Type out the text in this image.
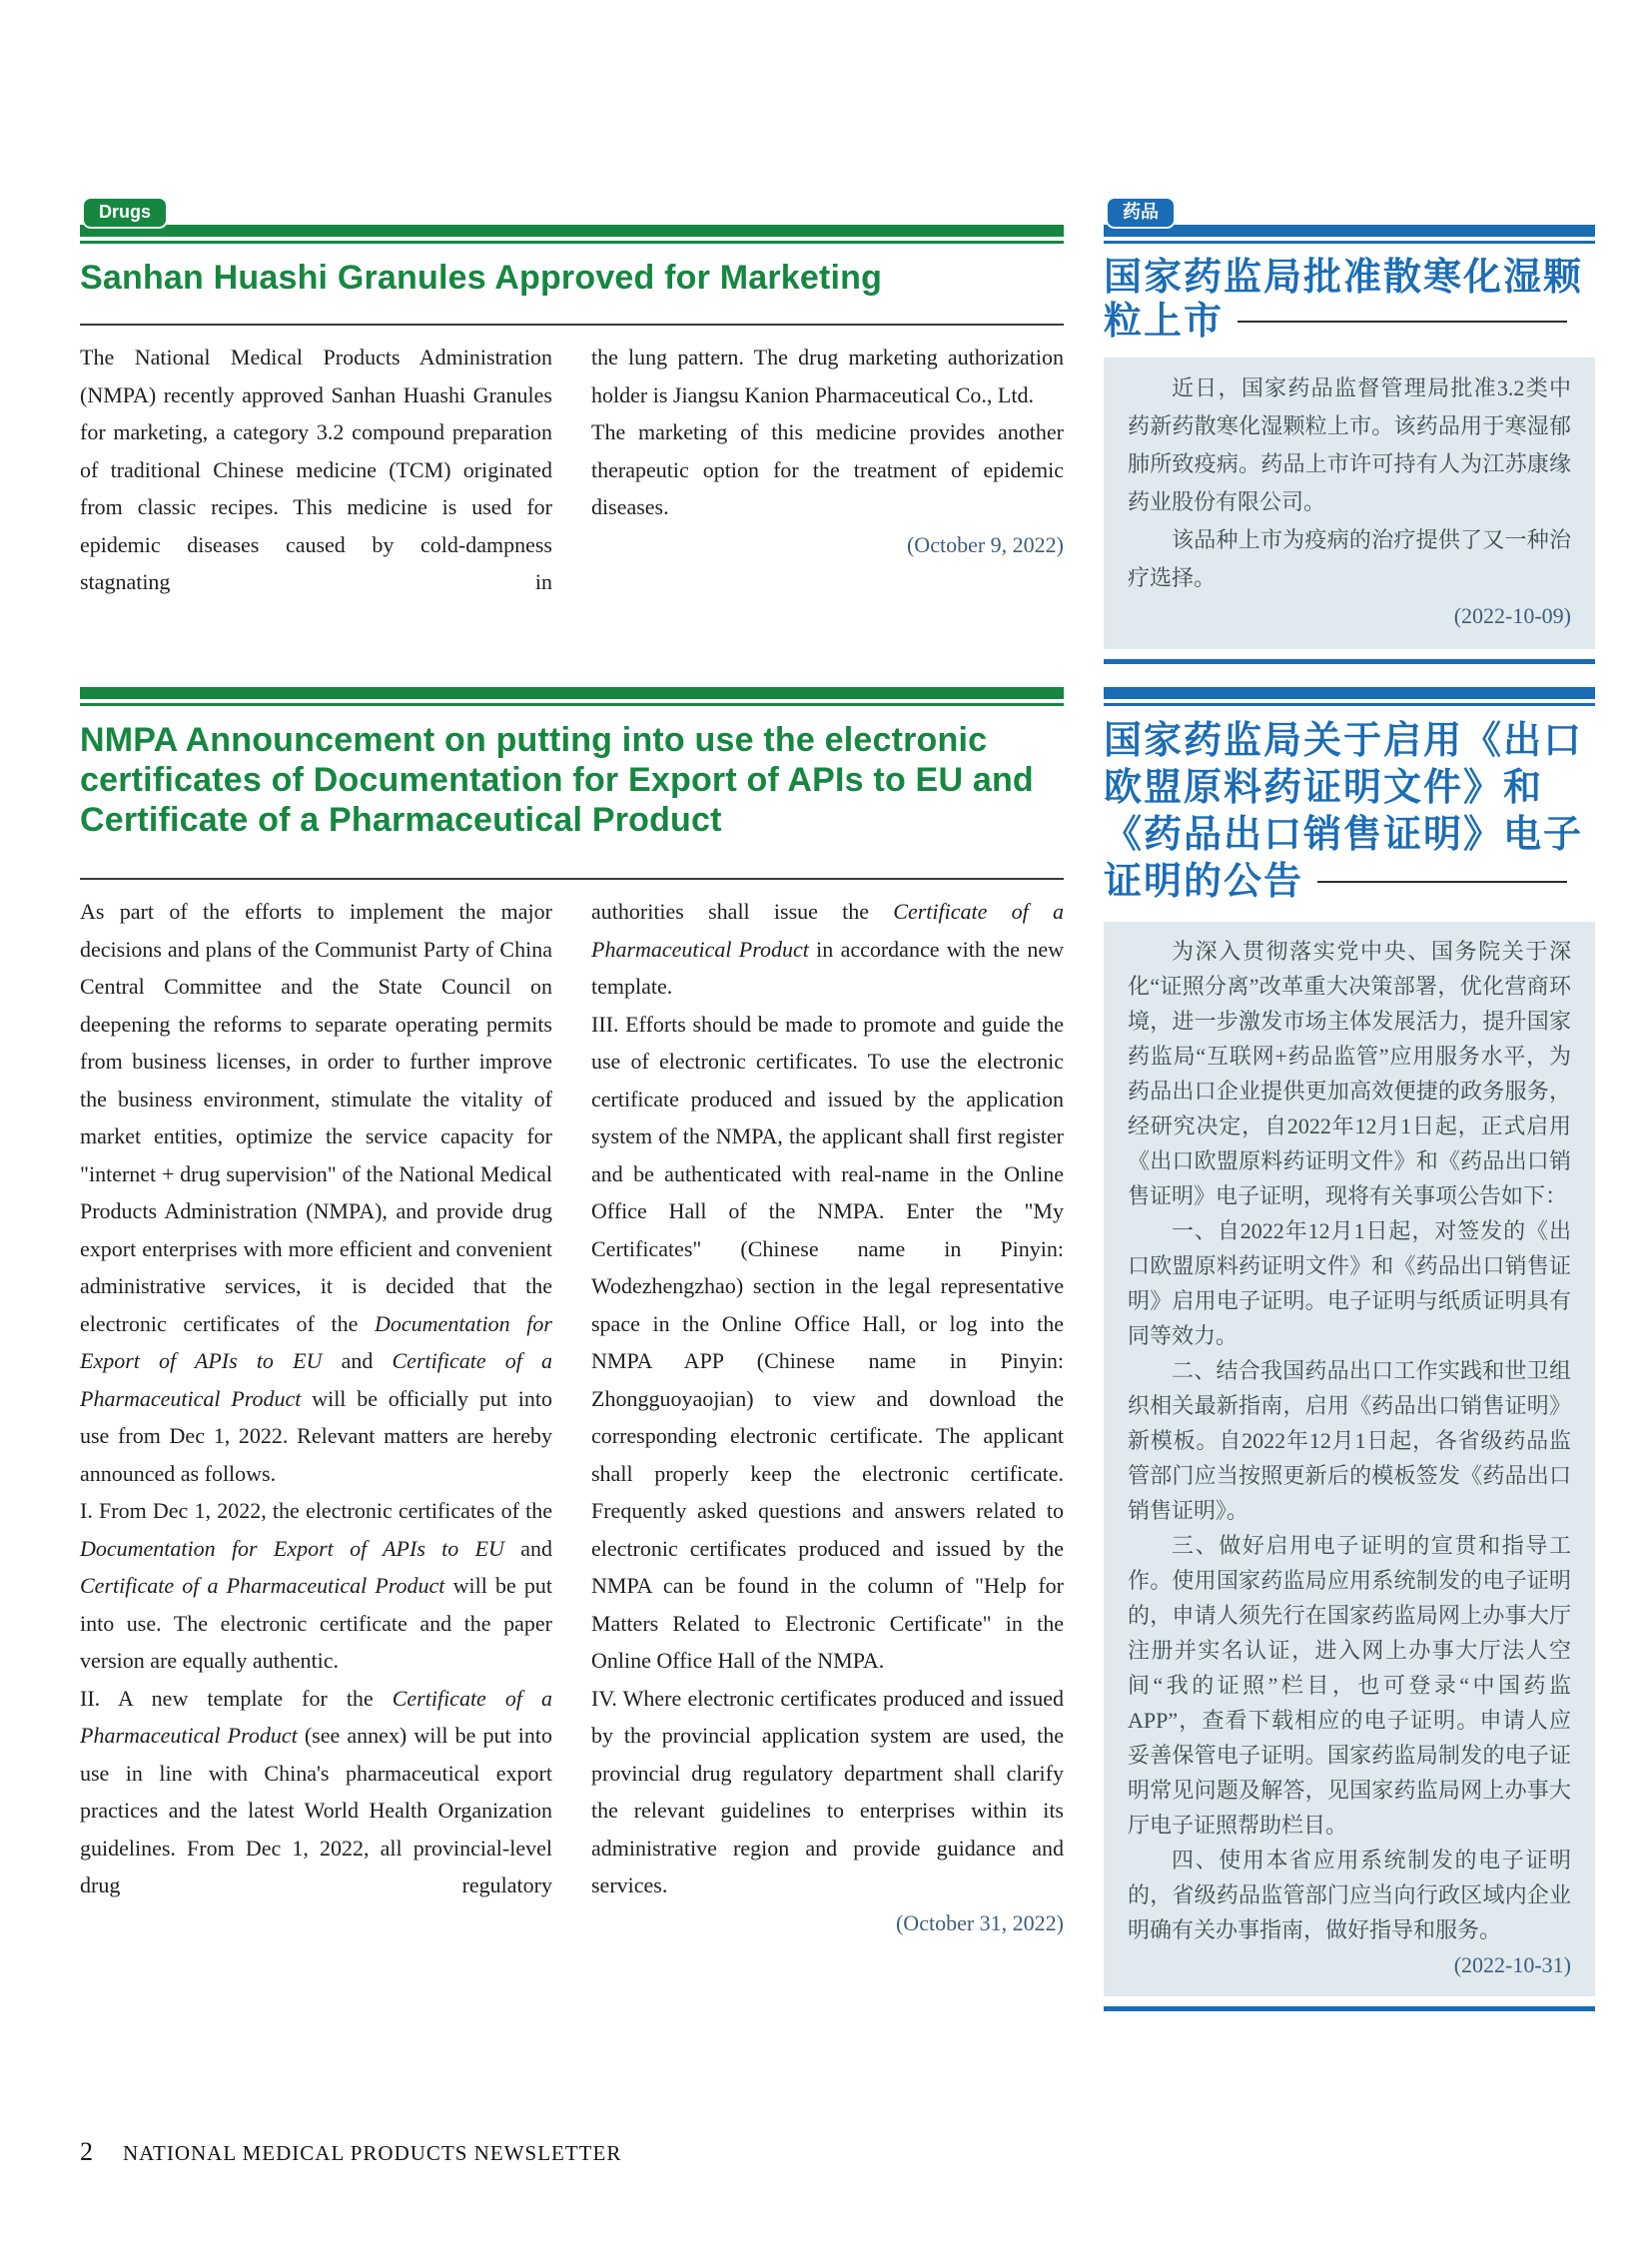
Drugs
Sanhan Huashi Granules Approved for Marketing

The National Medical Products Administration (NMPA) recently approved Sanhan Huashi Granules for marketing, a category 3.2 compound preparation of traditional Chinese medicine (TCM) originated from classic recipes. This medicine is used for epidemic diseases caused by cold-dampness stagnating in

the lung pattern. The drug marketing authorization holder is Jiangsu Kanion Pharmaceutical Co., Ltd.

The marketing of this medicine provides another therapeutic option for the treatment of epidemic diseases.

(October 9, 2022)

NMPA Announcement on putting into use the electronic certificates of Documentation for Export of APIs to EU and Certificate of a Pharmaceutical Product

As part of the efforts to implement the major decisions and plans of the Communist Party of China Central Committee and the State Council on deepening the reforms to separate operating permits from business licenses, in order to further improve the business environment, stimulate the vitality of market entities, optimize the service capacity for "internet + drug supervision" of the National Medical Products Administration (NMPA), and provide drug export enterprises with more efficient and convenient administrative services, it is decided that the electronic certificates of the Documentation for Export of APIs to EU and Certificate of a Pharmaceutical Product will be officially put into use from Dec 1, 2022. Relevant matters are hereby announced as follows.

I. From Dec 1, 2022, the electronic certificates of the Documentation for Export of APIs to EU and Certificate of a Pharmaceutical Product will be put into use. The electronic certificate and the paper version are equally authentic.

II. A new template for the Certificate of a Pharmaceutical Product (see annex) will be put into use in line with China's pharmaceutical export practices and the latest World Health Organization guidelines. From Dec 1, 2022, all provincial-level drug regulatory

authorities shall issue the Certificate of a Pharmaceutical Product in accordance with the new template.

III. Efforts should be made to promote and guide the use of electronic certificates. To use the electronic certificate produced and issued by the application system of the NMPA, the applicant shall first register and be authenticated with real-name in the Online Office Hall of the NMPA. Enter the "My Certificates" (Chinese name in Pinyin: Wodezhengzhao) section in the legal representative space in the Online Office Hall, or log into the NMPA APP (Chinese name in Pinyin: Zhongguoyaojian) to view and download the corresponding electronic certificate. The applicant shall properly keep the electronic certificate. Frequently asked questions and answers related to electronic certificates produced and issued by the NMPA can be found in the column of "Help for Matters Related to Electronic Certificate" in the Online Office Hall of the NMPA.

IV. Where electronic certificates produced and issued by the provincial application system are used, the provincial drug regulatory department shall clarify the relevant guidelines to enterprises within its administrative region and provide guidance and services.

(October 31, 2022)

药品
国家药监局批准散寒化湿颗粒上市

近日，国家药品监督管理局批准3.2类中药新药散寒化湿颗粒上市。该药品用于寒湿郁肺所致疫病。药品上市许可持有人为江苏康缘药业股份有限公司。

该品种上市为疫病的治疗提供了又一种治疗选择。

(2022-10-09)

国家药监局关于启用《出口欧盟原料药证明文件》和《药品出口销售证明》电子证明的公告

为深入贯彻落实党中央、国务院关于深化“证照分离”改革重大决策部署，优化营商环境，进一步激发市场主体发展活力，提升国家药监局“互联网+药品监管”应用服务水平，为药品出口企业提供更加高效便捷的政务服务，经研究决定，自2022年12月1日起，正式启用《出口欧盟原料药证明文件》和《药品出口销售证明》电子证明，现将有关事项公告如下：

一、自2022年12月1日起，对签发的《出口欧盟原料药证明文件》和《药品出口销售证明》启用电子证明。电子证明与纸质证明具有同等效力。

二、结合我国药品出口工作实践和世卫组织相关最新指南，启用《药品出口销售证明》新模板。自2022年12月1日起，各省级药品监管部门应当按照更新后的模板签发《药品出口销售证明》。

三、做好启用电子证明的宣贯和指导工作。使用国家药监局应用系统制发的电子证明的，申请人须先行在国家药监局网上办事大厅注册并实名认证，进入网上办事大厅法人空间“我的证照”栏目，也可登录“中国药监APP”，查看下载相应的电子证明。申请人应妥善保管电子证明。国家药监局制发的电子证明常见问题及解答，见国家药监局网上办事大厅电子证照帮助栏目。

四、使用本省应用系统制发的电子证明的，省级药品监管部门应当向行政区域内企业明确有关办事指南，做好指导和服务。

(2022-10-31)

2 NATIONAL MEDICAL PRODUCTS NEWSLETTER
